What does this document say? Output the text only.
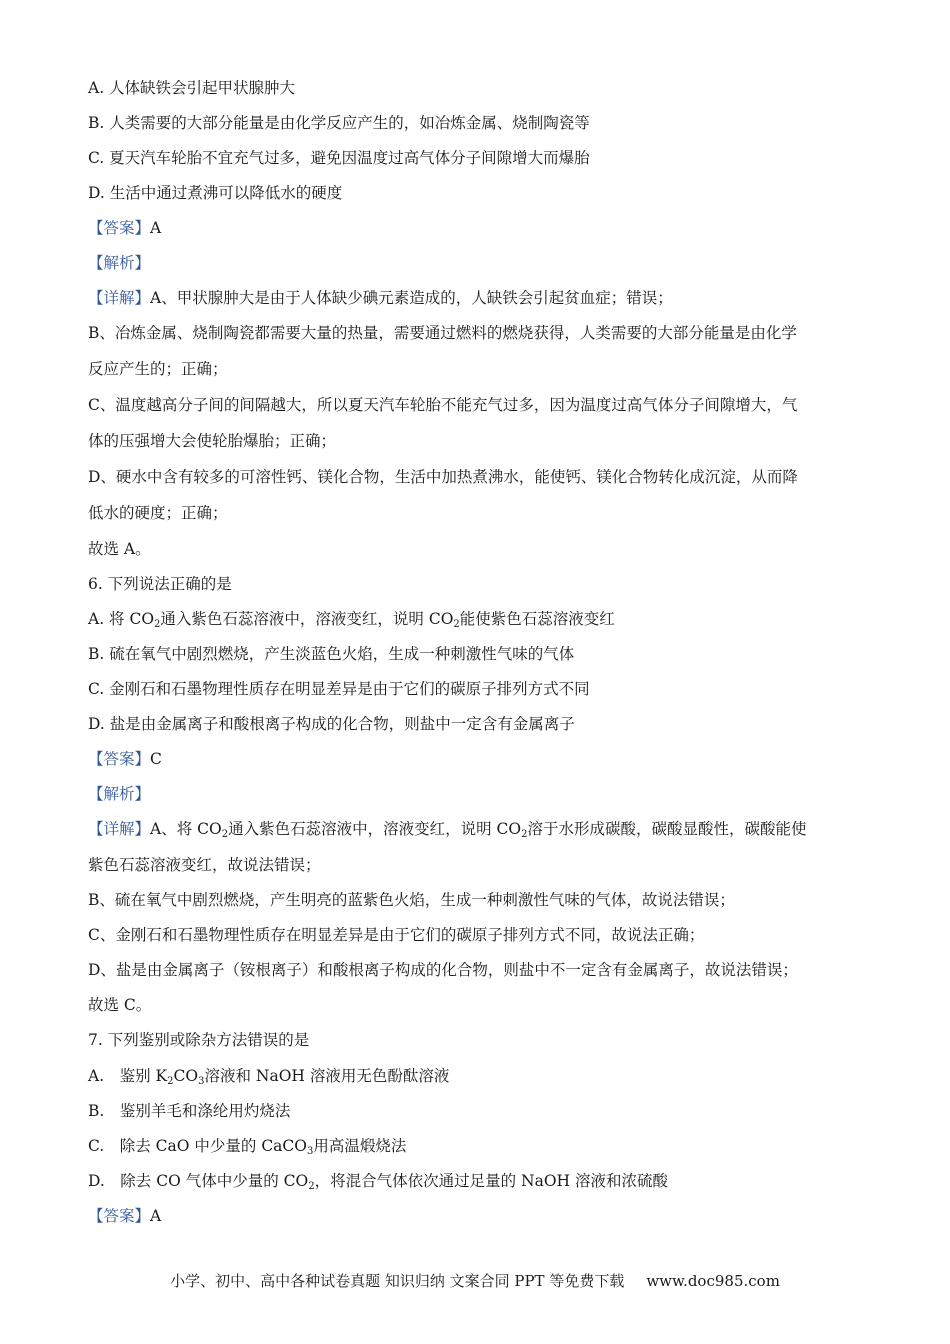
A. 人体缺铁会引起甲状腺肿大
B. 人类需要的大部分能量是由化学反应产生的，如冶炼金属、烧制陶瓷等
C. 夏天汽车轮胎不宜充气过多，避免因温度过高气体分子间隙增大而爆胎
D. 生活中通过煮沸可以降低水的硬度
【答案】A
【解析】
【详解】A、甲状腺肿大是由于人体缺少碘元素造成的，人缺铁会引起贫血症；错误；
B、冶炼金属、烧制陶瓷都需要大量的热量，需要通过燃料的燃烧获得，人类需要的大部分能量是由化学
反应产生的；正确；
C、温度越高分子间的间隔越大，所以夏天汽车轮胎不能充气过多，因为温度过高气体分子间隙增大，气
体的压强增大会使轮胎爆胎；正确；
D、硬水中含有较多的可溶性钙、镁化合物，生活中加热煮沸水，能使钙、镁化合物转化成沉淀，从而降
低水的硬度；正确；
故选 A。
6. 下列说法正确的是
A. 将 $CO_2$通入紫色石蕊溶液中，溶液变红，说明 $CO_2$能使紫色石蕊溶液变红
B. 硫在氧气中剧烈燃烧，产生淡蓝色火焰，生成一种刺激性气味的气体
C. 金刚石和石墨物理性质存在明显差异是由于它们的碳原子排列方式不同
D. 盐是由金属离子和酸根离子构成的化合物，则盐中一定含有金属离子
【答案】C
【解析】
【详解】A、将 $CO_2$通入紫色石蕊溶液中，溶液变红，说明 $CO_2$溶于水形成碳酸，碳酸显酸性，碳酸能使
紫色石蕊溶液变红，故说法错误；
B、硫在氧气中剧烈燃烧，产生明亮的蓝紫色火焰，生成一种刺激性气味的气体，故说法错误；
C、金刚石和石墨物理性质存在明显差异是由于它们的碳原子排列方式不同，故说法正确；
D、盐是由金属离子（铵根离子）和酸根离子构成的化合物，则盐中不一定含有金属离子，故说法错误；
故选 C。
7. 下列鉴别或除杂方法错误的是
A.　鉴别 $K_2CO_3$溶液和 NaOH 溶液用无色酚酞溶液
B.　鉴别羊毛和涤纶用灼烧法
C.　除去 CaO 中少量的 CaCO$_3$用高温煅烧法
D.　除去 CO 气体中少量的 $CO_2$，将混合气体依次通过足量的 NaOH 溶液和浓硫酸
【答案】A
小学、初中、高中各种试卷真题 知识归纳 文案合同 PPT 等免费下载 www.doc985.com
